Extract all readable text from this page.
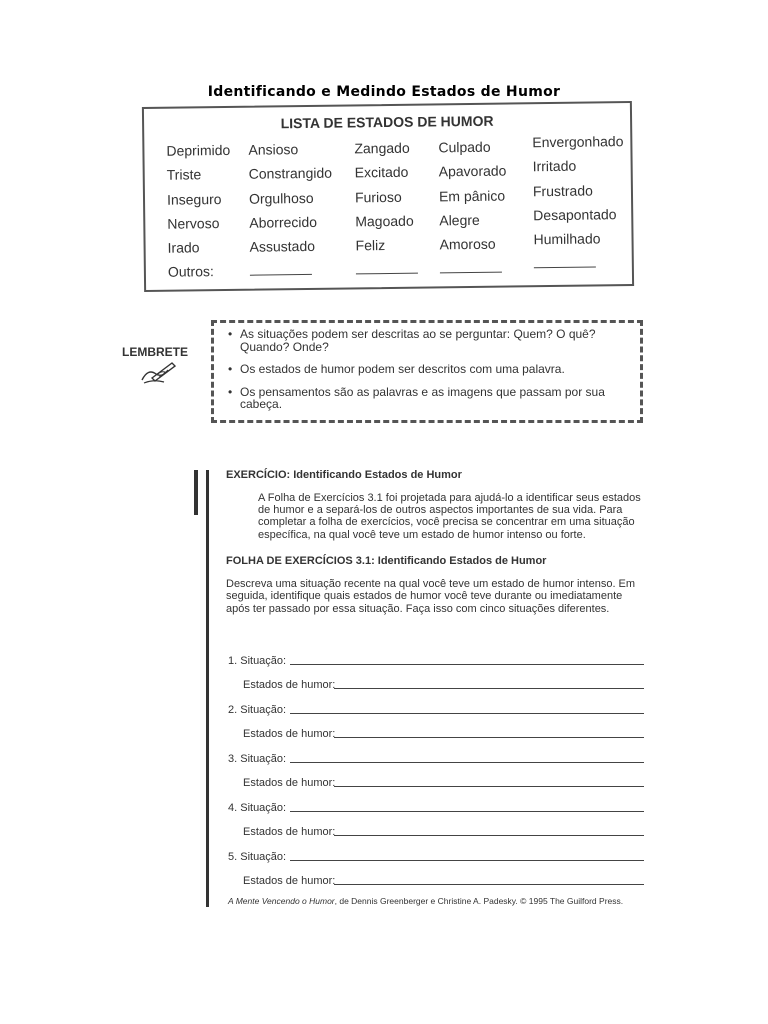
Identificando e Medindo Estados de Humor
LISTA DE ESTADOS DE HUMOR
Deprimido
Triste
Inseguro
Nervoso
Irado
Outros:
Ansioso
Constrangido
Orgulhoso
Aborrecido
Assustado
Zangado
Excitado
Furioso
Magoado
Feliz
Culpado
Apavorado
Em pânico
Alegre
Amoroso
Envergonhado
Irritado
Frustrado
Desapontado
Humilhado
LEMBRETE
• As situações podem ser descritas ao se perguntar: Quem? O quê? Quando? Onde?
• Os estados de humor podem ser descritos com uma palavra.
• Os pensamentos são as palavras e as imagens que passam por sua cabeça.
EXERCÍCIO: Identificando Estados de Humor
A Folha de Exercícios 3.1 foi projetada para ajudá-lo a identificar seus estados de humor e a separá-los de outros aspectos importantes de sua vida. Para completar a folha de exercícios, você precisa se concentrar em uma situação específica, na qual você teve um estado de humor intenso ou forte.
FOLHA DE EXERCÍCIOS 3.1: Identificando Estados de Humor
Descreva uma situação recente na qual você teve um estado de humor intenso. Em seguida, identifique quais estados de humor você teve durante ou imediatamente após ter passado por essa situação. Faça isso com cinco situações diferentes.
1. Situação:
Estados de humor:
2. Situação:
Estados de humor:
3. Situação:
Estados de humor:
4. Situação:
Estados de humor:
5. Situação:
Estados de humor:
A Mente Vencendo o Humor, de Dennis Greenberger e Christine A. Padesky. © 1995 The Guilford Press.
